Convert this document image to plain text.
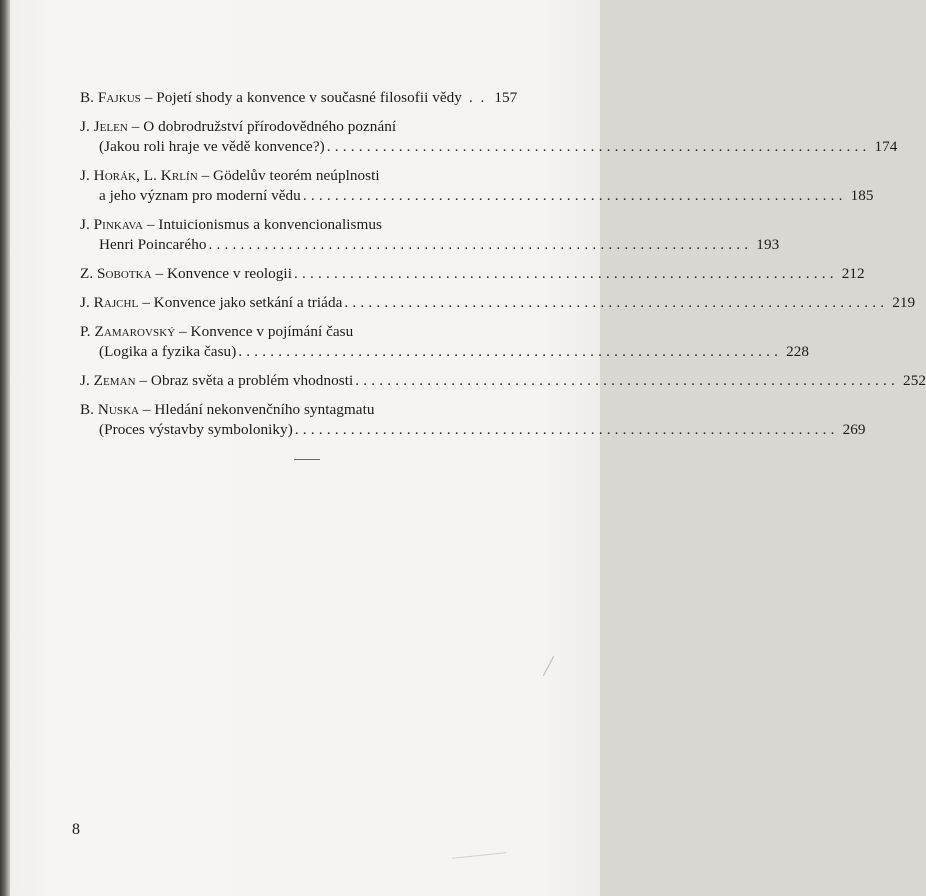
B. Fajkus – Pojetí shody a konvence v současné filosofii vědy . . 157
J. Jelen – O dobrodružství přírodovědného poznání
(Jakou roli hraje ve vědě konvence?) .................................................................... 174
J. Horák, L. Krlín – Gödelův teorém neúplnosti
a jeho význam pro moderní vědu .................................................................... 185
J. Pinkava – Intuicionismus a konvencionalismus
Henri Poincarého .................................................................... 193
Z. Sobotka – Konvence v reologii .................................................................... 212
J. Rajchl – Konvence jako setkání a triáda .................................................................... 219
P. Zamarovský – Konvence v pojímání času
(Logika a fyzika času) .................................................................... 228
J. Zeman – Obraz světa a problém vhodnosti .................................................................... 252
B. Nuska – Hledání nekonvenčního syntagmatu
(Proces výstavby symboloniky) .................................................................... 269
8
